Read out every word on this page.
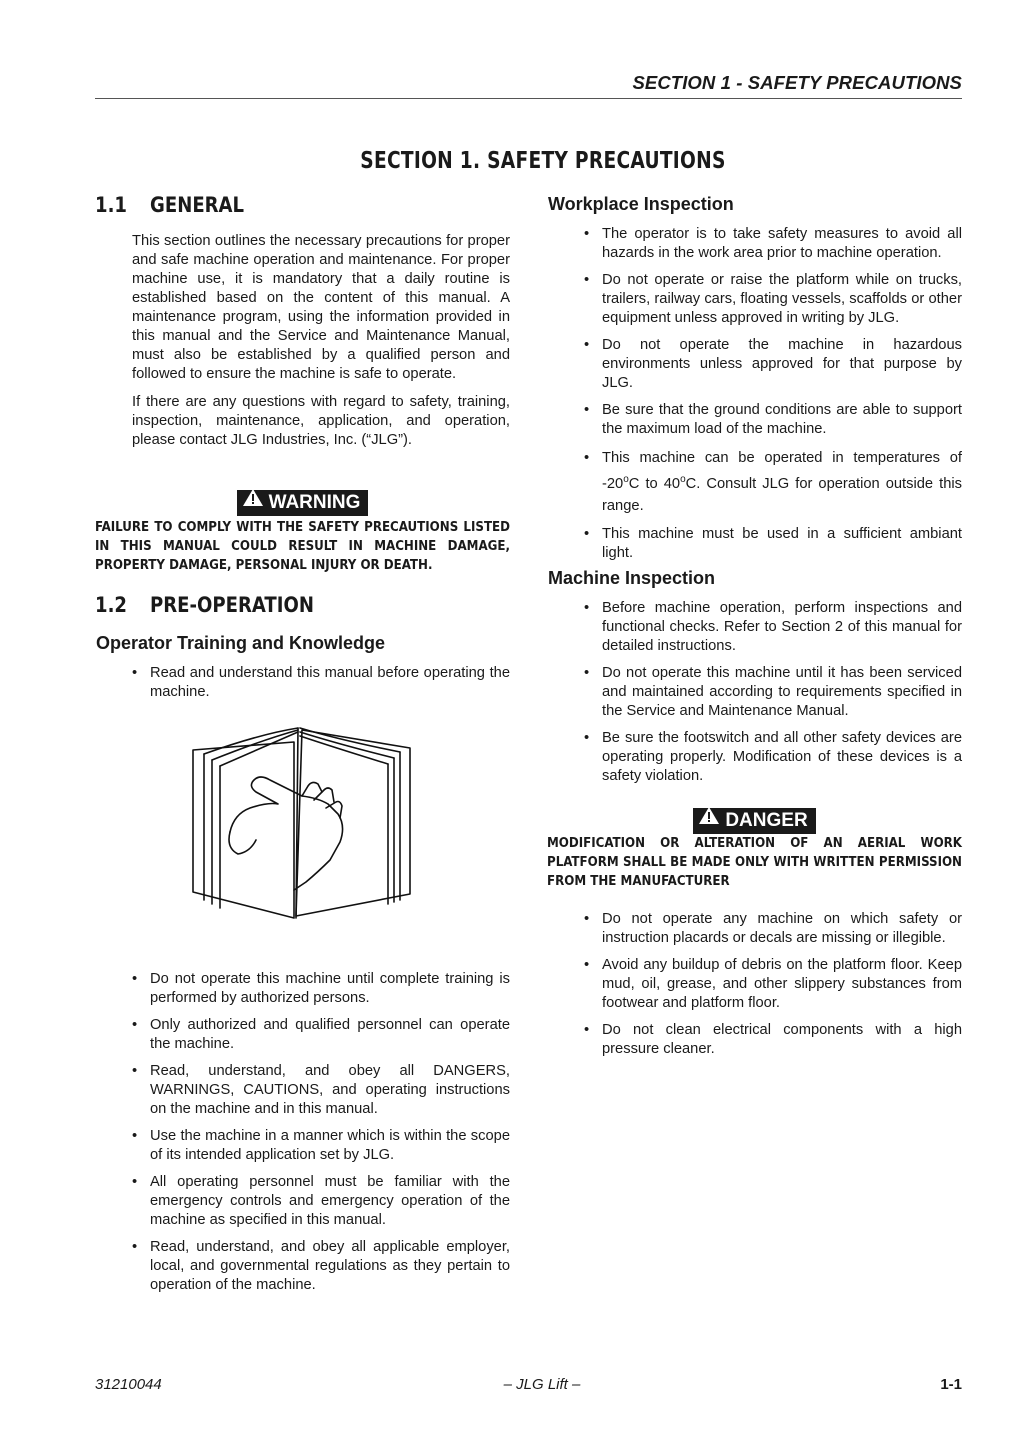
SECTION 1 - SAFETY PRECAUTIONS
SECTION 1. SAFETY PRECAUTIONS
1.1 GENERAL

This section outlines the necessary precautions for proper and safe machine operation and maintenance. For proper machine use, it is mandatory that a daily routine is established based on the content of this manual. A maintenance program, using the information provided in this manual and the Service and Maintenance Manual, must also be established by a qualified person and followed to ensure the machine is safe to operate.

If there are any questions with regard to safety, training, inspection, maintenance, application, and operation, please contact JLG Industries, Inc. (“JLG”).

WARNING
FAILURE TO COMPLY WITH THE SAFETY PRECAUTIONS LISTED IN THIS MANUAL COULD RESULT IN MACHINE DAMAGE, PROPERTY DAMAGE, PERSONAL INJURY OR DEATH.
1.2 PRE-OPERATION
Operator Training and Knowledge
• Read and understand this manual before operating the machine.
• Do not operate this machine until complete training is performed by authorized persons.
• Only authorized and qualified personnel can operate the machine.
• Read, understand, and obey all DANGERS, WARNINGS, CAUTIONS, and operating instructions on the machine and in this manual.
• Use the machine in a manner which is within the scope of its intended application set by JLG.
• All operating personnel must be familiar with the emergency controls and emergency operation of the machine as specified in this manual.
• Read, understand, and obey all applicable employer, local, and governmental regulations as they pertain to operation of the machine.
Workplace Inspection
• The operator is to take safety measures to avoid all hazards in the work area prior to machine operation.
• Do not operate or raise the platform while on trucks, trailers, railway cars, floating vessels, scaffolds or other equipment unless approved in writing by JLG.
• Do not operate the machine in hazardous environments unless approved for that purpose by JLG.
• Be sure that the ground conditions are able to support the maximum load of the machine.
• This machine can be operated in temperatures of -20$^o$C to 40$^o$C. Consult JLG for operation outside this range.
• This machine must be used in a sufficient ambiant light.
Machine Inspection
• Before machine operation, perform inspections and functional checks. Refer to Section 2 of this manual for detailed instructions.
• Do not operate this machine until it has been serviced and maintained according to requirements specified in the Service and Maintenance Manual.
• Be sure the footswitch and all other safety devices are operating properly. Modification of these devices is a safety violation.
DANGER
MODIFICATION OR ALTERATION OF AN AERIAL WORK PLATFORM SHALL BE MADE ONLY WITH WRITTEN PERMISSION FROM THE MANUFACTURER
• Do not operate any machine on which safety or instruction placards or decals are missing or illegible.
• Avoid any buildup of debris on the platform floor. Keep mud, oil, grease, and other slippery substances from footwear and platform floor.
• Do not clean electrical components with a high pressure cleaner.
31210044	– JLG Lift –	1-1
